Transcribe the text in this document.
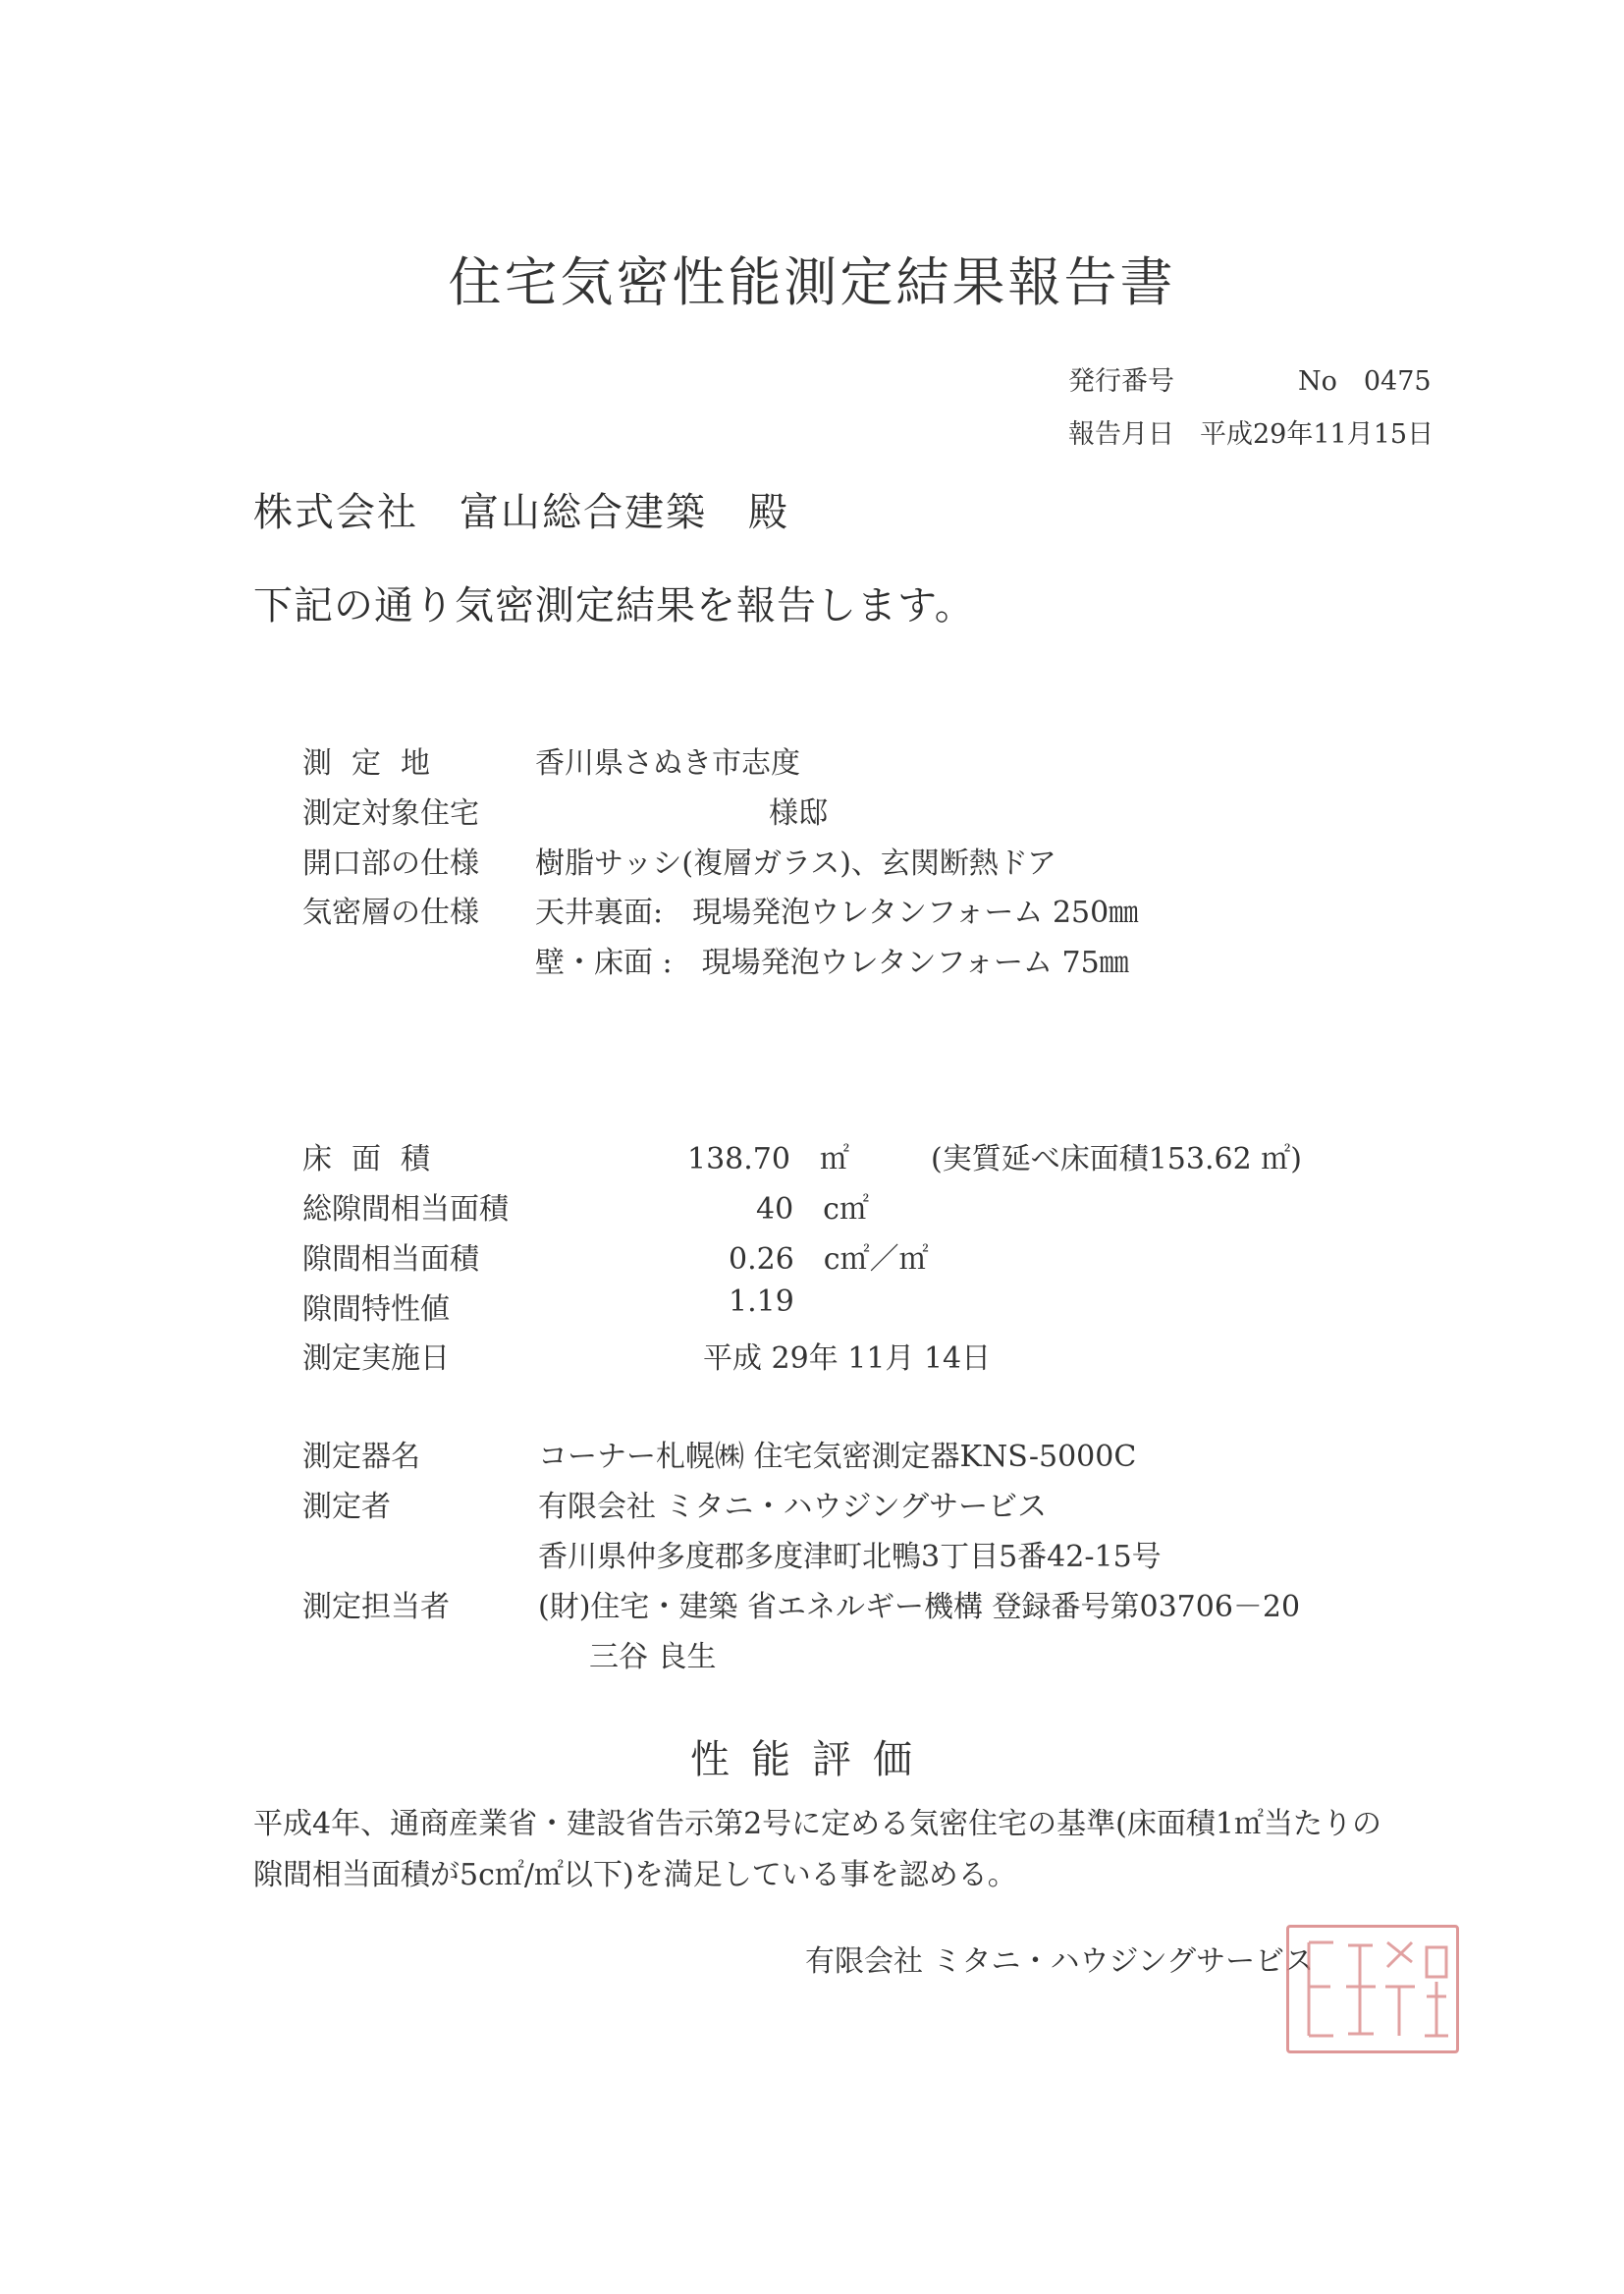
住宅気密性能測定結果報告書
発行番号	No　0475
報告月日 平成29年11月15日
株式会社　富山総合建築　殿
下記の通り気密測定結果を報告します。
測定地	香川県さぬき市志度
測定対象住宅	様邸
開口部の仕様 樹脂サッシ(複層ガラス)、玄関断熱ドア
気密層の仕様 天井裏面:　現場発泡ウレタンフォーム 250㎜
壁・床面 :　現場発泡ウレタンフォーム 75㎜
床面積	138.70　㎡	(実質延べ床面積153.62 ㎡)
総隙間相当面積	40　c㎡
隙間相当面積	0.26　c㎡／㎡
隙間特性値	1.19
測定実施日	平成 29年 11月 14日
測定器名	コーナー札幌㈱ 住宅気密測定器KNS-5000C
測定者	有限会社 ミタニ・ハウジングサービス
香川県仲多度郡多度津町北鴨3丁目5番42-15号
測定担当者	(財)住宅・建築 省エネルギー機構 登録番号第03706－20
三谷 良生
性能評価
平成4年、通商産業省・建設省告示第2号に定める気密住宅の基準(床面積1㎡当たりの
隙間相当面積が5c㎡/㎡以下)を満足している事を認める。
有限会社 ミタニ・ハウジングサービス
